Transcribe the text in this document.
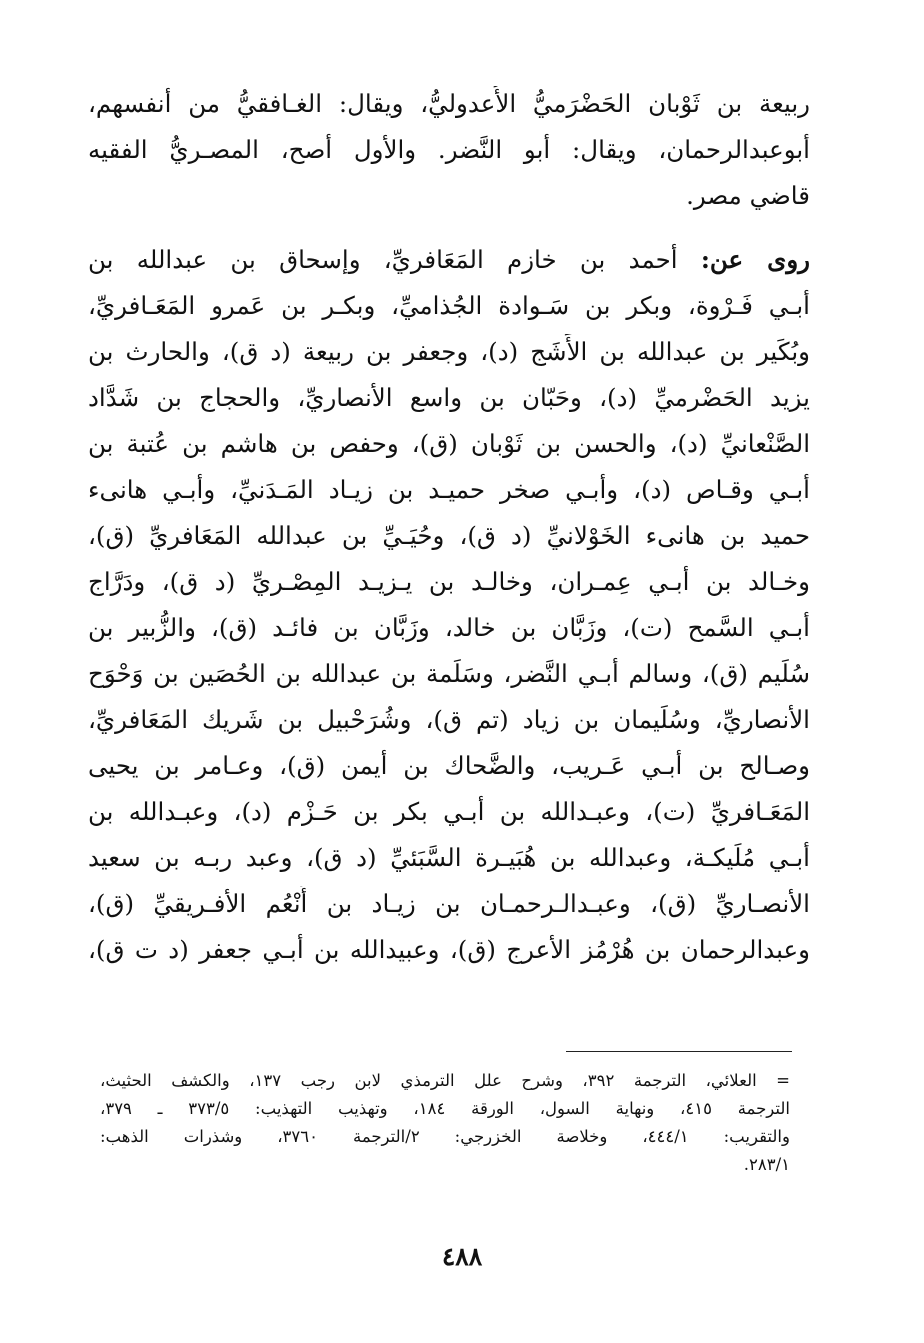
ربيعة بن ثَوْبان الحَضْرَميُّ الأُعدوليُّ، ويقال: الغـافقيُّ من أنفسهم،
أبوعبدالرحمان، ويقال: أبو النَّضر. والأول أصح، المصـريُّ الفقيه
قاضي مصر.
روى عن: أحمد بن خازم المَعَافريِّ، وإسحاق بن عبدالله بن
أبـي فَـرْوة، وبكر بن سَـوادة الجُذاميِّ، وبكـر بن عَمرو المَعَـافريِّ،
وبُكَير بن عبدالله بن الأَشَج (د)، وجعفر بن ربيعة (د ق)، والحارث بن
يزيد الحَضْرميِّ (د)، وحَبّان بن واسع الأنصاريِّ، والحجاج بن شَدَّاد
الصَّنْعانيِّ (د)، والحسن بن ثَوْبان (ق)، وحفص بن هاشم بن عُتبة بن
أبـي وقـاص (د)، وأبـي صخر حميـد بن زيـاد المَـدَنيِّ، وأبـي هانىء
حميد بن هانىء الخَوْلانيِّ (د ق)، وحُيَـيِّ بن عبدالله المَعَافريِّ (ق)،
وخـالد بن أبـي عِمـران، وخالـد بن يـزيـد المِصْـريِّ (د ق)، ودَرَّاج
أبـي السَّمح (ت)، وزَبَّان بن خالد، وزَبَّان بن فائـد (ق)، والزُّبير بن
سُلَيم (ق)، وسالم أبـي النَّضر، وسَلَمة بن عبدالله بن الحُصَين بن وَحْوَح
الأنصاريِّ، وسُلَيمان بن زياد (تم ق)، وشُرَحْبيل بن شَريك المَعَافريِّ،
وصـالح بن أبـي عَـريب، والضَّحاك بن أيمن (ق)، وعـامر بن يحيى
المَعَـافريِّ (ت)، وعبـدالله بن أبـي بكر بن حَـزْم (د)، وعبـدالله بن
أبـي مُلَيكـة، وعبدالله بن هُبَيـرة السَّبَئيِّ (د ق)، وعبد ربـه بن سعيد
الأنصـاريِّ (ق)، وعبـدالـرحمـان بن زيـاد بن أَنْعُم الأفـريقيِّ (ق)،
وعبدالرحمان بن هُرْمُز الأعرج (ق)، وعبيدالله بن أبـي جعفر (د ت ق)،
= العلائي، الترجمة ٣٩٢، وشرح علل الترمذي لابن رجب ١٣٧، والكشف الحثيث،
الترجمة ٤١٥، ونهاية السول، الورقة ١٨٤، وتهذيب التهذيب: ٣٧٣/٥ ـ ٣٧٩،
والتقريب: ٤٤٤/١، وخلاصة الخزرجي: ٢/الترجمة ٣٧٦٠، وشذرات الذهب:
٢٨٣/١.
٤٨٨
